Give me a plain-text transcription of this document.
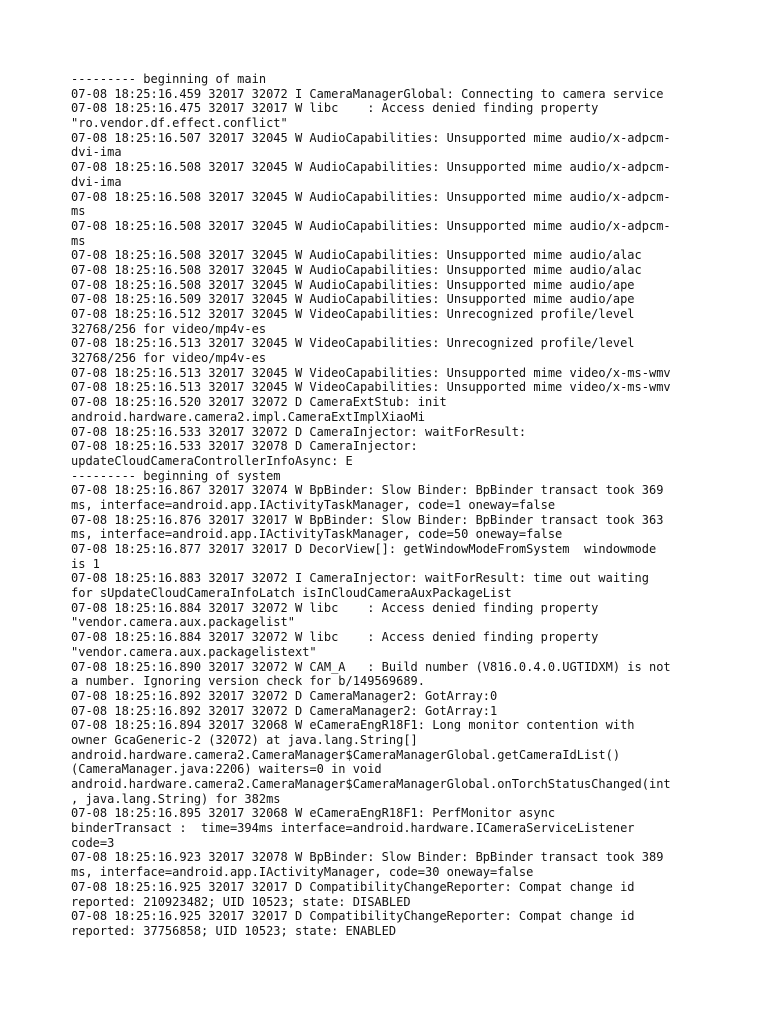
--------- beginning of main
07-08 18:25:16.459 32017 32072 I CameraManagerGlobal: Connecting to camera service
07-08 18:25:16.475 32017 32017 W libc    : Access denied finding property
"ro.vendor.df.effect.conflict"
07-08 18:25:16.507 32017 32045 W AudioCapabilities: Unsupported mime audio/x-adpcm-
dvi-ima
07-08 18:25:16.508 32017 32045 W AudioCapabilities: Unsupported mime audio/x-adpcm-
dvi-ima
07-08 18:25:16.508 32017 32045 W AudioCapabilities: Unsupported mime audio/x-adpcm-
ms
07-08 18:25:16.508 32017 32045 W AudioCapabilities: Unsupported mime audio/x-adpcm-
ms
07-08 18:25:16.508 32017 32045 W AudioCapabilities: Unsupported mime audio/alac
07-08 18:25:16.508 32017 32045 W AudioCapabilities: Unsupported mime audio/alac
07-08 18:25:16.508 32017 32045 W AudioCapabilities: Unsupported mime audio/ape
07-08 18:25:16.509 32017 32045 W AudioCapabilities: Unsupported mime audio/ape
07-08 18:25:16.512 32017 32045 W VideoCapabilities: Unrecognized profile/level
32768/256 for video/mp4v-es
07-08 18:25:16.513 32017 32045 W VideoCapabilities: Unrecognized profile/level
32768/256 for video/mp4v-es
07-08 18:25:16.513 32017 32045 W VideoCapabilities: Unsupported mime video/x-ms-wmv
07-08 18:25:16.513 32017 32045 W VideoCapabilities: Unsupported mime video/x-ms-wmv
07-08 18:25:16.520 32017 32072 D CameraExtStub: init
android.hardware.camera2.impl.CameraExtImplXiaoMi
07-08 18:25:16.533 32017 32072 D CameraInjector: waitForResult:
07-08 18:25:16.533 32017 32078 D CameraInjector:
updateCloudCameraControllerInfoAsync: E
--------- beginning of system
07-08 18:25:16.867 32017 32074 W BpBinder: Slow Binder: BpBinder transact took 369
ms, interface=android.app.IActivityTaskManager, code=1 oneway=false
07-08 18:25:16.876 32017 32017 W BpBinder: Slow Binder: BpBinder transact took 363
ms, interface=android.app.IActivityTaskManager, code=50 oneway=false
07-08 18:25:16.877 32017 32017 D DecorView[]: getWindowModeFromSystem  windowmode
is 1
07-08 18:25:16.883 32017 32072 I CameraInjector: waitForResult: time out waiting
for sUpdateCloudCameraInfoLatch isInCloudCameraAuxPackageList
07-08 18:25:16.884 32017 32072 W libc    : Access denied finding property
"vendor.camera.aux.packagelist"
07-08 18:25:16.884 32017 32072 W libc    : Access denied finding property
"vendor.camera.aux.packagelistext"
07-08 18:25:16.890 32017 32072 W CAM_A   : Build number (V816.0.4.0.UGTIDXM) is not
a number. Ignoring version check for b/149569689.
07-08 18:25:16.892 32017 32072 D CameraManager2: GotArray:0
07-08 18:25:16.892 32017 32072 D CameraManager2: GotArray:1
07-08 18:25:16.894 32017 32068 W eCameraEngR18F1: Long monitor contention with
owner GcaGeneric-2 (32072) at java.lang.String[]
android.hardware.camera2.CameraManager$CameraManagerGlobal.getCameraIdList()
(CameraManager.java:2206) waiters=0 in void
android.hardware.camera2.CameraManager$CameraManagerGlobal.onTorchStatusChanged(int
, java.lang.String) for 382ms
07-08 18:25:16.895 32017 32068 W eCameraEngR18F1: PerfMonitor async
binderTransact :  time=394ms interface=android.hardware.ICameraServiceListener
code=3
07-08 18:25:16.923 32017 32078 W BpBinder: Slow Binder: BpBinder transact took 389
ms, interface=android.app.IActivityManager, code=30 oneway=false
07-08 18:25:16.925 32017 32017 D CompatibilityChangeReporter: Compat change id
reported: 210923482; UID 10523; state: DISABLED
07-08 18:25:16.925 32017 32017 D CompatibilityChangeReporter: Compat change id
reported: 37756858; UID 10523; state: ENABLED
